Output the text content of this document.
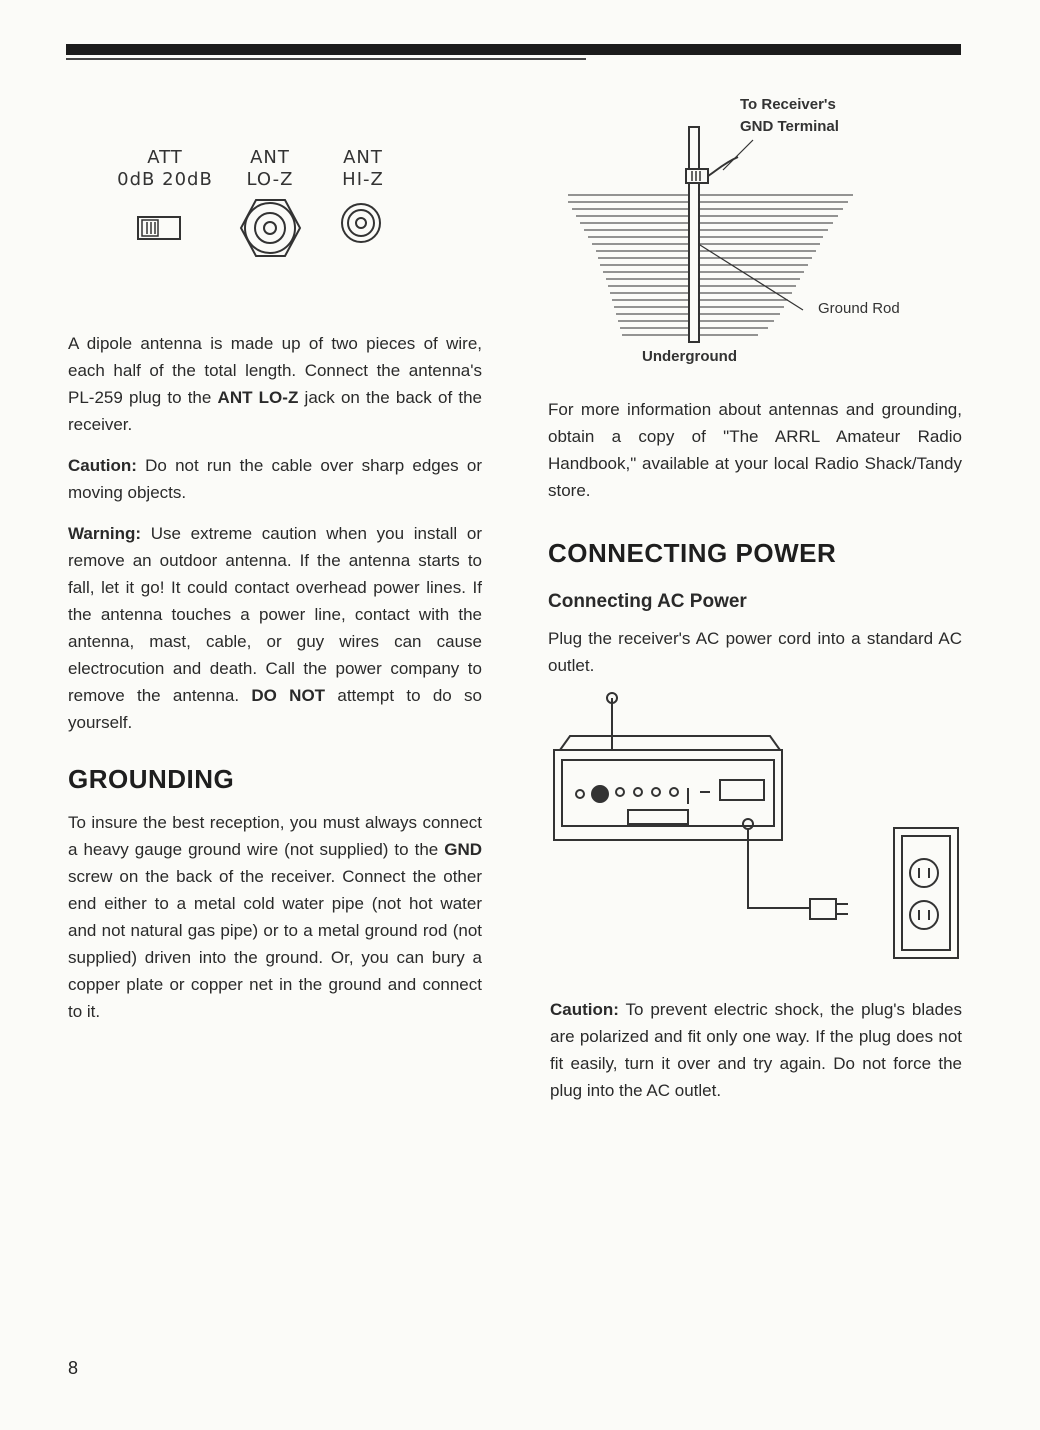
ATT
0dB 20dB
ANT
LO-Z
ANT
HI-Z

A dipole antenna is made up of two pieces of wire, each half of the total length. Connect the antenna's PL-259 plug to the ANT LO-Z jack on the back of the receiver.

Caution: Do not run the cable over sharp edges or moving objects.

Warning: Use extreme caution when you install or remove an outdoor antenna. If the antenna starts to fall, let it go! It could contact overhead power lines. If the antenna touches a power line, contact with the antenna, mast, cable, or guy wires can cause electrocution and death. Call the power company to remove the antenna. DO NOT attempt to do so yourself.

GROUNDING

To insure the best reception, you must always connect a heavy gauge ground wire (not supplied) to the GND screw on the back of the receiver. Connect the other end either to a metal cold water pipe (not hot water and not natural gas pipe) or to a metal ground rod (not supplied) driven into the ground. Or, you can bury a copper plate or copper net in the ground and connect to it.

To Receiver's
GND Terminal
Ground Rod
Underground

For more information about antennas and grounding, obtain a copy of "The ARRL Amateur Radio Handbook," available at your local Radio Shack/Tandy store.

CONNECTING POWER
Connecting AC Power

Plug the receiver's AC power cord into a standard AC outlet.

Caution: To prevent electric shock, the plug's blades are polarized and fit only one way. If the plug does not fit easily, turn it over and try again. Do not force the plug into the AC outlet.

8
